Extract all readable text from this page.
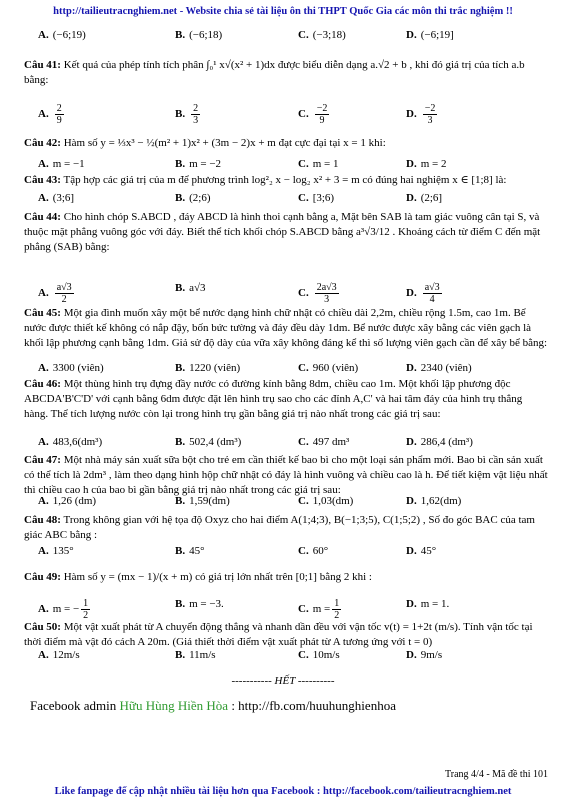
http://tailieutracnghiem.net - Website chia sẻ tài liệu ôn thi THPT Quốc Gia các môn thi trắc nghiệm !!
A. (−6;19)	B. (−6;18)	C. (−3;18)	D. (−6;19]
Câu 41: Kết quả của phép tính tích phân ∫₀¹ x√(x² + 1)dx được biểu diễn dạng a.√2 + b , khi đó giá trị của tích a.b bằng:
A. $\frac{2}{9}$	B. $\frac{2}{3}$	C. $\frac{-2}{9}$	D. $\frac{-2}{3}$
Câu 42: Hàm số y = ⅓x³ − ½(m² + 1)x² + (3m − 2)x + m đạt cực đại tại x = 1 khi:
A. m = −1	B. m = −2	C. m = 1	D. m = 2
Câu 43: Tập hợp các giá trị của m để phương trình log²₂ x − log₂ x² + 3 = m có đúng hai nghiệm x ∈ [1;8] là:
A. (3;6]	B. (2;6)	C. [3;6)	D. (2;6]
Câu 44: Cho hình chóp S.ABCD , đáy ABCD là hình thoi cạnh bằng a, Mặt bên SAB là tam giác vuông cân tại S, và thuộc mặt phẳng vuông góc với đáy. Biết thể tích khối chóp S.ABCD bằng a³√3/12 . Khoảng cách từ điểm C đến mặt phẳng (SAB) bằng:
A. $\frac{a√3}{2}$	B. a√3	C. $\frac{2a√3}{3}$	D. $\frac{a√3}{4}$
Câu 45: Một gia đình muốn xây một bể nước dạng hình chữ nhật có chiều dài 2,2m, chiều rộng 1.5m, cao 1m. Bể nước được thiết kế không có nắp đậy, bốn bức tường và đáy đều dày 1dm. Bể nước được xây bằng các viên gạch là khối lập phương cạnh bằng 1dm. Giả sử độ dày của vữa xây không đáng kể thì số lượng viên gạch cần để xây bể bằng:
A. 3300 (viên)	B. 1220 (viên)	C. 960 (viên)	D. 2340 (viên)
Câu 46: Một thùng hình trụ đựng đầy nước có đường kính bằng 8dm, chiều cao 1m. Một khối lập phương độc ABCDA'B'C'D' với cạnh bằng 6dm được đặt lên hình trụ sao cho các đỉnh A,C' và hai tâm đáy của hình trụ thẳng hàng. Thể tích lượng nước còn lại trong hình trụ gần bằng giá trị nào nhất trong các giá trị sau:
A. 483,6(dm³)	B. 502,4 (dm³)	C. 497 dm³	D. 286,4 (dm³)
Câu 47: Một nhà máy sản xuất sữa bột cho trẻ em cần thiết kế bao bì cho một loại sản phẩm mới. Bao bì cần sản xuất có thể tích là 2dm³ , làm theo dạng hình hộp chữ nhật có đáy là hình vuông và chiều cao là h. Để tiết kiệm vật liệu nhất thì chiều cao h của bao bì gần bằng giá trị nào nhất trong các giá trị sau:
A. 1,26 (dm)	B. 1,59(dm)	C. 1,03(dm)	D. 1,62(dm)
Câu 48: Trong không gian với hệ tọa độ Oxyz cho hai điểm A(1;4;3), B(−1;3;5), C(1;5;2) , Số đo góc BAC của tam giác ABC bằng :
A. 135°	B. 45°	C. 60°	D. 45°
Câu 49: Hàm số y = (mx − 1)/(x + m) có giá trị lớn nhất trên [0;1] bằng 2 khi :
A. m = − $\frac{1}{2}$	B. m = −3.	C. $m = \frac{1}{2}$	D. m = 1.
Câu 50: Một vật xuất phát từ A chuyển động thẳng và nhanh dần đều với vận tốc v(t) = 1+2t (m/s). Tính vận tốc tại thời điểm mà vật đó cách A 20m. (Giả thiết thời điểm vật xuất phát từ A tương ứng với t = 0)
A. 12m/s	B. 11m/s	C. 10m/s	D. 9m/s
----------- HẾT ----------
Facebook admin Hữu Hùng Hiền Hòa : http://fb.com/huuhunghienhoa
Trang 4/4 - Mã đề thi 101
Like fanpage để cập nhật nhiều tài liệu hơn qua Facebook : http://facebook.com/tailieutracnghiem.net
